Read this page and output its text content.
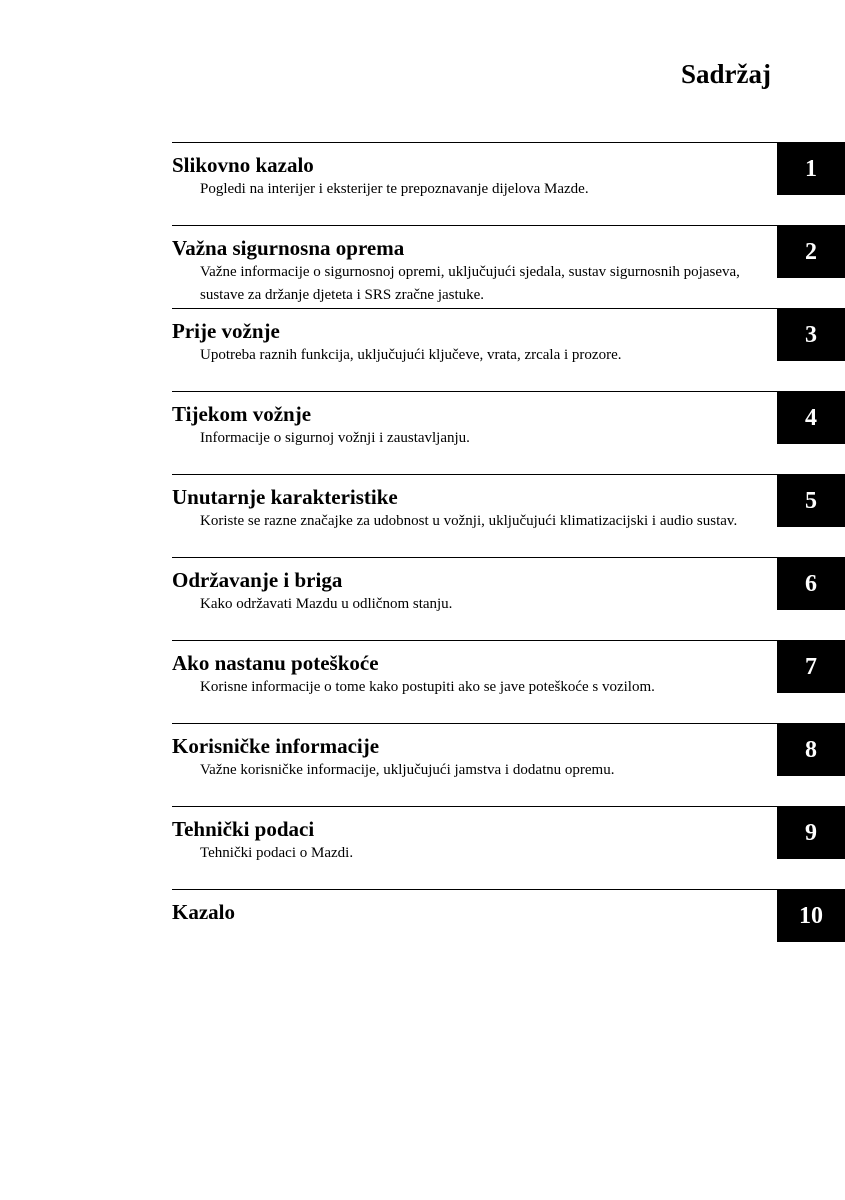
Sadržaj
Slikovno kazalo
Pogledi na interijer i eksterijer te prepoznavanje dijelova Mazde.
1
Važna sigurnosna oprema
Važne informacije o sigurnosnoj opremi, uključujući sjedala, sustav sigurnosnih pojaseva, sustave za držanje djeteta i SRS zračne jastuke.
2
Prije vožnje
Upotreba raznih funkcija, uključujući ključeve, vrata, zrcala i prozore.
3
Tijekom vožnje
Informacije o sigurnoj vožnji i zaustavljanju.
4
Unutarnje karakteristike
Koriste se razne značajke za udobnost u vožnji, uključujući klimatizacijski i audio sustav.
5
Održavanje i briga
Kako održavati Mazdu u odličnom stanju.
6
Ako nastanu poteškoće
Korisne informacije o tome kako postupiti ako se jave poteškoće s vozilom.
7
Korisničke informacije
Važne korisničke informacije, uključujući jamstva i dodatnu opremu.
8
Tehnički podaci
Tehnički podaci o Mazdi.
9
Kazalo	10
